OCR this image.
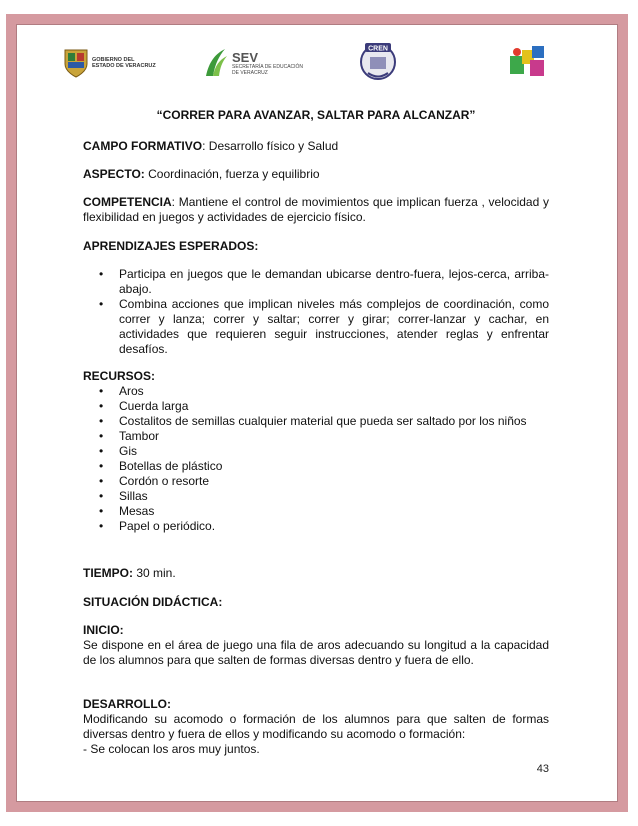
GOBIERNO DEL
ESTADO DE VERACRUZ
SEV
SECRETARÍA DE EDUCACIÓN
DE VERACRUZ
CREN
“CORRER PARA AVANZAR, SALTAR PARA ALCANZAR”
CAMPO FORMATIVO: Desarrollo físico y Salud
ASPECTO: Coordinación, fuerza y equilibrio
COMPETENCIA: Mantiene el control de movimientos que implican fuerza , velocidad y flexibilidad en juegos y actividades de ejercicio físico.
APRENDIZAJES ESPERADOS:
• Participa en juegos que le demandan ubicarse dentro-fuera, lejos-cerca, arriba-abajo.
• Combina acciones que implican niveles más complejos de coordinación, como correr y lanza; correr y saltar; correr y girar; correr-lanzar y cachar, en actividades que requieren seguir instrucciones, atender reglas y enfrentar desafíos.
RECURSOS:
• Aros
• Cuerda larga
• Costalitos de semillas cualquier material que pueda ser saltado por los niños
• Tambor
• Gis
• Botellas de plástico
• Cordón o resorte
• Sillas
• Mesas
• Papel o periódico.
TIEMPO: 30 min.
SITUACIÓN DIDÁCTICA:
INICIO:

Se dispone en el área de juego una fila de aros adecuando su longitud a la capacidad de los alumnos para que salten de formas diversas dentro y fuera de ello.

DESARROLLO:

Modificando su acomodo o formación de los alumnos para que salten de formas diversas dentro y fuera de ellos y modificando su acomodo o formación:

- Se colocan los aros muy juntos.

43
